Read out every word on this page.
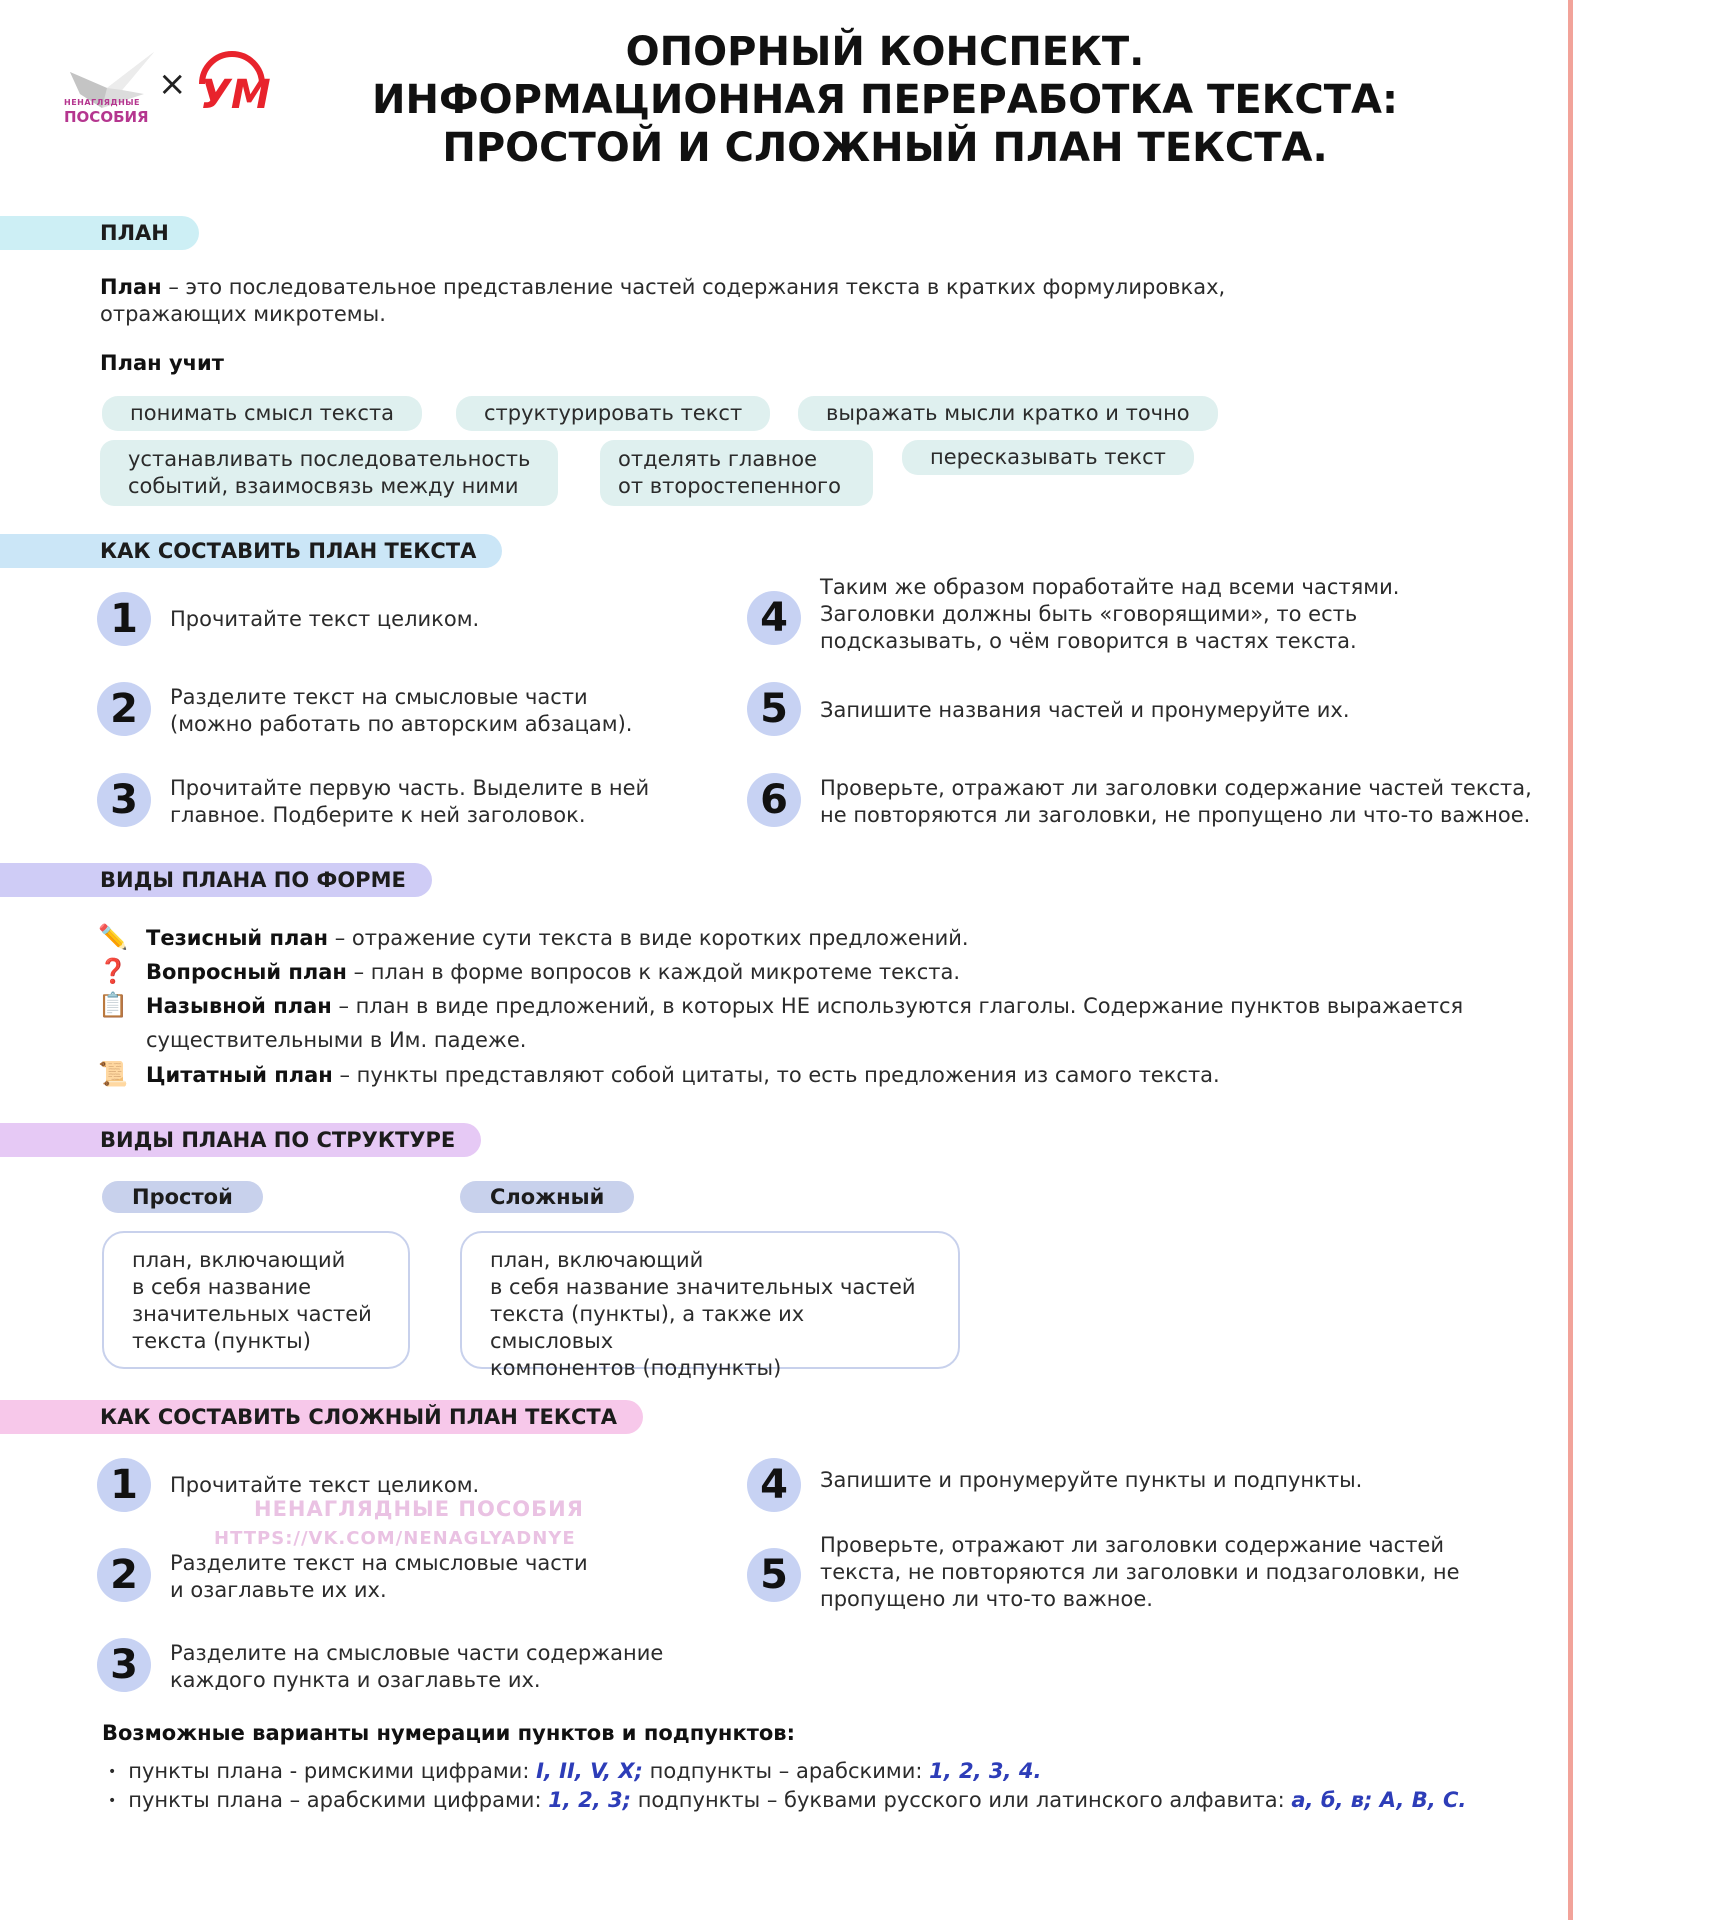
НЕНАГЛЯДНЫЕ
ПОСОБИЯ
× УМ
ОПОРНЫЙ КОНСПЕКТ.
ИНФОРМАЦИОННАЯ ПЕРЕРАБОТКА ТЕКСТА:
ПРОСТОЙ И СЛОЖНЫЙ ПЛАН ТЕКСТА.
ПЛАН
План – это последовательное представление частей содержания текста в кратких формулировках,
отражающих микротемы.
План учит
понимать смысл текста	структурировать текст	выражать мысли кратко и точно
устанавливать последовательность
событий, взаимосвязь между ними
отделять главное
от второстепенного
пересказывать текст
КАК СОСТАВИТЬ ПЛАН ТЕКСТА
1	Прочитайте текст целиком.
2	Разделите текст на смысловые части
(можно работать по авторским абзацам).
3	Прочитайте первую часть. Выделите в ней
главное. Подберите к ней заголовок.
4
Таким же образом поработайте над всеми частями.
Заголовки должны быть «говорящими», то есть
подсказывать, о чём говорится в частях текста.
5	Запишите названия частей и пронумеруйте их.
6	Проверьте, отражают ли заголовки содержание частей текста,
не повторяются ли заголовки, не пропущено ли что-то важное.
ВИДЫ ПЛАНА ПО ФОРМЕ
✏️ Тезисный план – отражение сути текста в виде коротких предложений.
❓ Вопросный план – план в форме вопросов к каждой микротеме текста.
📋 Назывной план – план в виде предложений, в которых НЕ используются глаголы. Содержание пунктов выражается
существительными в Им. падеже.
📜 Цитатный план – пункты представляют собой цитаты, то есть предложения из самого текста.
ВИДЫ ПЛАНА ПО СТРУКТУРЕ
Простой
план, включающий
в себя название
значительных частей
текста (пункты)
Сложный
план, включающий
в себя название значительных частей
текста (пункты), а также их смысловых
компонентов (подпункты)
КАК СОСТАВИТЬ СЛОЖНЫЙ ПЛАН ТЕКСТА
1	Прочитайте текст целиком.
НЕНАГЛЯДНЫЕ ПОСОБИЯ
HTTPS://VK.COM/NENAGLYADNYE
2	Разделите текст на смысловые части
и озаглавьте их их.
3	Разделите на смысловые части содержание
каждого пункта и озаглавьте их.
4	Запишите и пронумеруйте пункты и подпункты.
5
Проверьте, отражают ли заголовки содержание частей
текста, не повторяются ли заголовки и подзаголовки, не
пропущено ли что-то важное.
Возможные варианты нумерации пунктов и подпунктов:
• пункты плана - римскими цифрами: I, II, V, X; подпункты – арабскими: 1, 2, 3, 4.
• пункты плана – арабскими цифрами: 1, 2, 3; подпункты – буквами русского или латинского алфавита: а, б, в; A, B, C.
